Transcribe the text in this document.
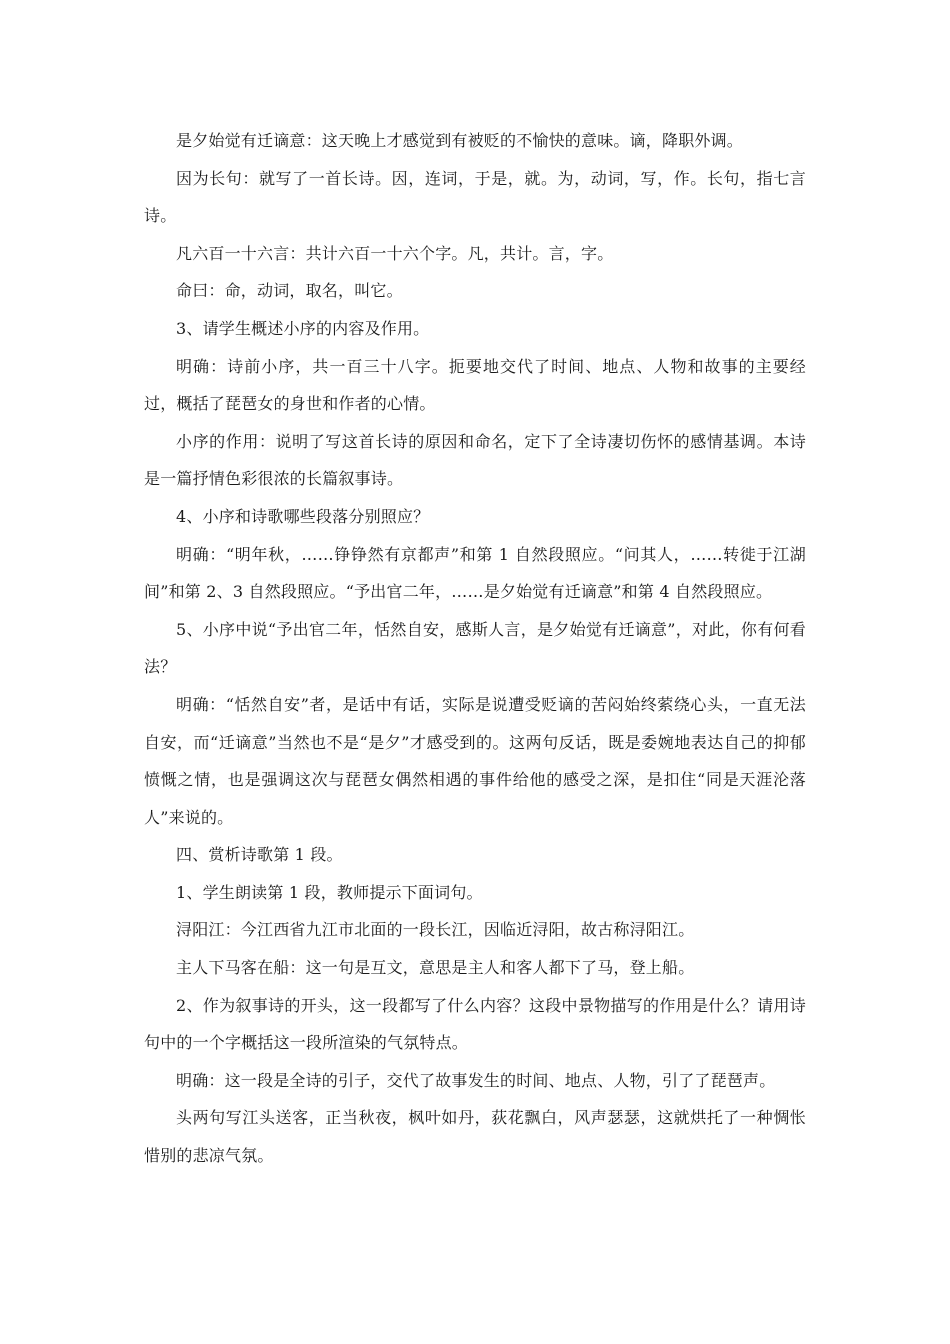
是夕始觉有迁谪意：这天晚上才感觉到有被贬的不愉快的意味。谪，降职外调。

因为长句：就写了一首长诗。因，连词，于是，就。为，动词，写，作。长句，指七言诗。

凡六百一十六言：共计六百一十六个字。凡，共计。言，字。

命曰：命，动词，取名，叫它。

3、请学生概述小序的内容及作用。

明确：诗前小序，共一百三十八字。扼要地交代了时间、地点、人物和故事的主要经过，概括了琵琶女的身世和作者的心情。

小序的作用：说明了写这首长诗的原因和命名，定下了全诗凄切伤怀的感情基调。本诗是一篇抒情色彩很浓的长篇叙事诗。

4、小序和诗歌哪些段落分别照应？

明确：“明年秋，……铮铮然有京都声”和第 1 自然段照应。“问其人，……转徙于江湖间”和第 2、3 自然段照应。“予出官二年，……是夕始觉有迁谪意”和第 4 自然段照应。

5、小序中说“予出官二年，恬然自安，感斯人言，是夕始觉有迁谪意”，对此，你有何看法？

明确：“恬然自安”者，是话中有话，实际是说遭受贬谪的苦闷始终萦绕心头，一直无法自安，而“迁谪意”当然也不是“是夕”才感受到的。这两句反话，既是委婉地表达自己的抑郁愤慨之情，也是强调这次与琵琶女偶然相遇的事件给他的感受之深，是扣住“同是天涯沦落人”来说的。

四、赏析诗歌第 1 段。

1、学生朗读第 1 段，教师提示下面词句。

浔阳江：今江西省九江市北面的一段长江，因临近浔阳，故古称浔阳江。

主人下马客在船：这一句是互文，意思是主人和客人都下了马，登上船。

2、作为叙事诗的开头，这一段都写了什么内容？这段中景物描写的作用是什么？请用诗句中的一个字概括这一段所渲染的气氛特点。

明确：这一段是全诗的引子，交代了故事发生的时间、地点、人物，引了了琵琶声。

头两句写江头送客，正当秋夜，枫叶如丹，荻花飘白，风声瑟瑟，这就烘托了一种惆怅惜别的悲凉气氛。
